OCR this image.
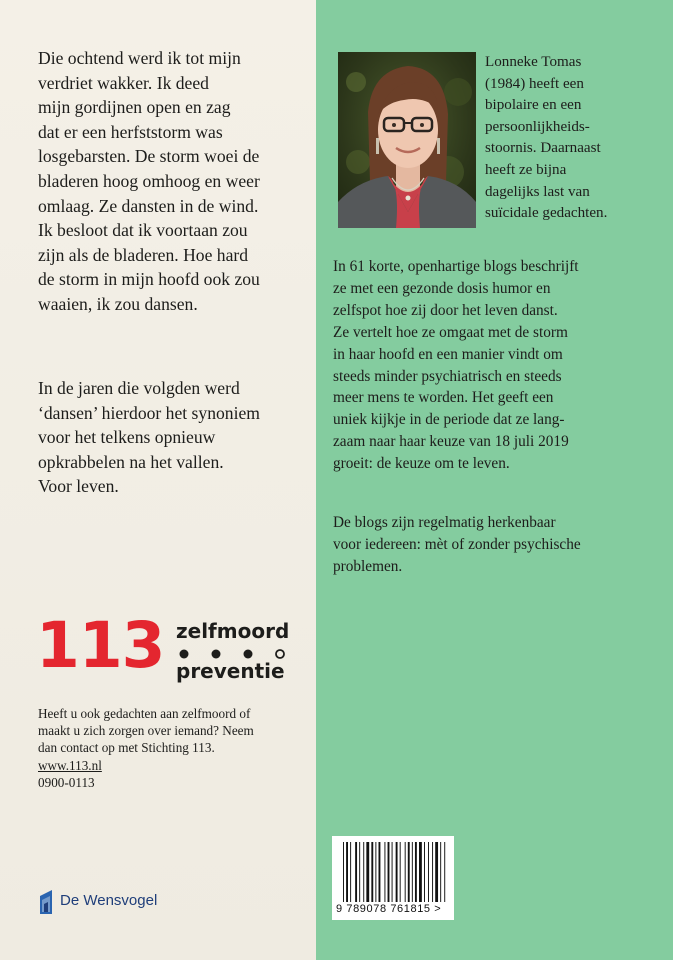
Die ochtend werd ik tot mijn
verdriet wakker. Ik deed
mijn gordijnen open en zag
dat er een herfststorm was
losgebarsten. De storm woei de
bladeren hoog omhoog en weer
omlaag. Ze dansten in de wind.
Ik besloot dat ik voortaan zou
zijn als de bladeren. Hoe hard
de storm in mijn hoofd ook zou
waaien, ik zou dansen.
In de jaren die volgden werd
‘dansen’ hierdoor het synoniem
voor het telkens opnieuw
opkrabbelen na het vallen.
Voor leven.
113 zelfmoord
preventie
Heeft u ook gedachten aan zelfmoord of
maakt u zich zorgen over iemand? Neem
dan contact op met Stichting 113.
www.113.nl
0900-0113
De Wensvogel
Lonneke Tomas
(1984) heeft een
bipolaire en een
persoonlijkheids-
stoornis. Daarnaast
heeft ze bijna
dagelijks last van
suïcidale gedachten.
In 61 korte, openhartige blogs beschrijft
ze met een gezonde dosis humor en
zelfspot hoe zij door het leven danst.
Ze vertelt hoe ze omgaat met de storm
in haar hoofd en een manier vindt om
steeds minder psychiatrisch en steeds
meer mens te worden. Het geeft een
uniek kijkje in de periode dat ze lang-
zaam naar haar keuze van 18 juli 2019
groeit: de keuze om te leven.
De blogs zijn regelmatig herkenbaar
voor iedereen: mèt of zonder psychische
problemen.
9 789078 761815 >
